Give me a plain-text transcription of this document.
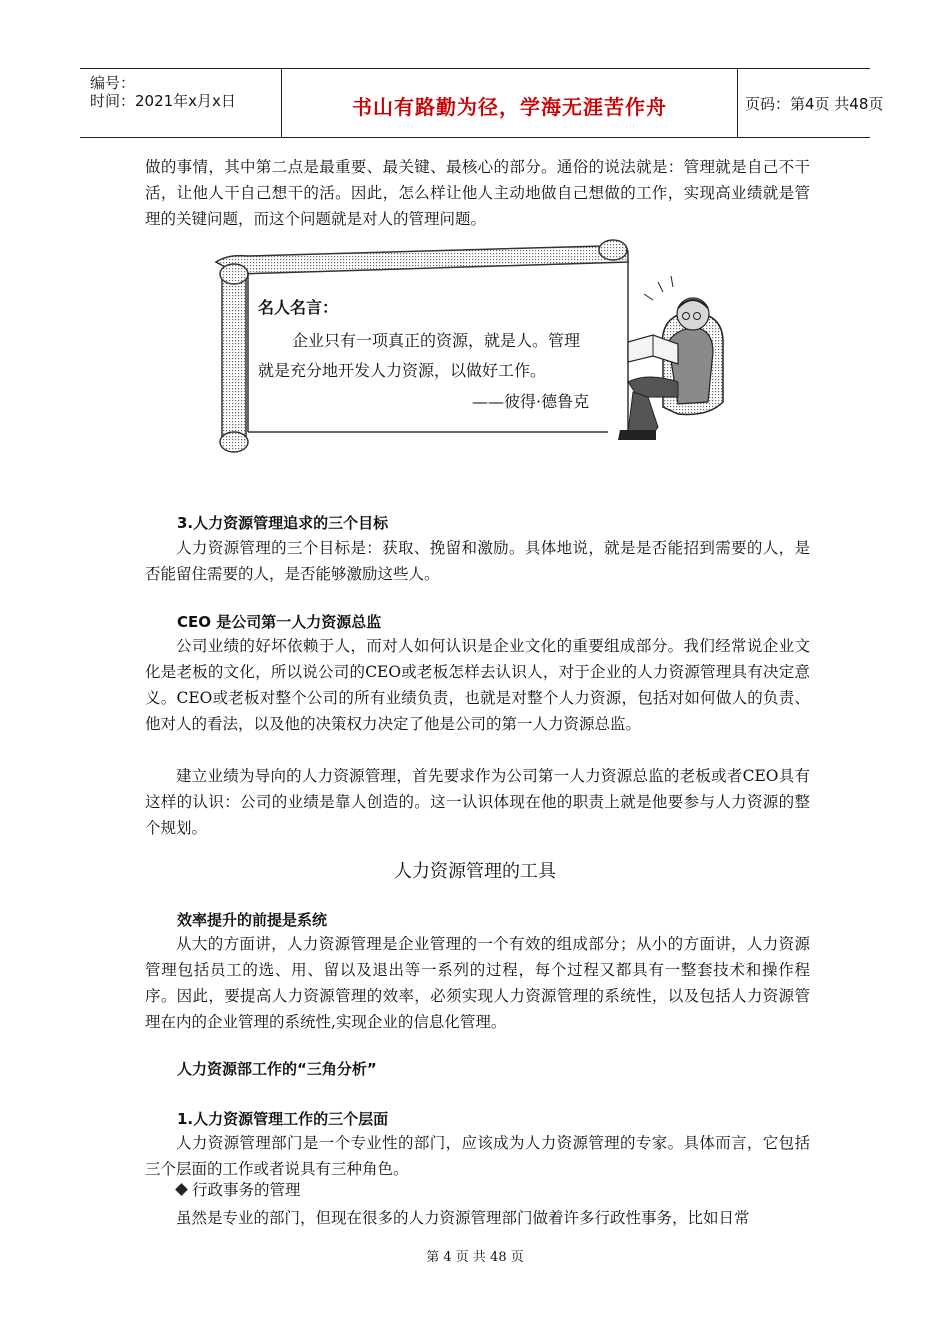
编号：
时间：2021年x月x日	书山有路勤为径，学海无涯苦作舟	页码：第4页 共48页

做的事情，其中第二点是最重要、最关键、最核心的部分。通俗的说法就是：管理就是自己不干活，让他人干自己想干的活。因此，怎么样让他人主动地做自己想做的工作，实现高业绩就是管理的关键问题，而这个问题就是对人的管理问题。

名人名言：
企业只有一项真正的资源，就是人。管理
就是充分地开发人力资源，以做好工作。
——彼得·德鲁克
3.人力资源管理追求的三个目标

人力资源管理的三个目标是：获取、挽留和激励。具体地说，就是是否能招到需要的人，是否能留住需要的人，是否能够激励这些人。

CEO 是公司第一人力资源总监

公司业绩的好坏依赖于人，而对人如何认识是企业文化的重要组成部分。我们经常说企业文化是老板的文化，所以说公司的CEO或老板怎样去认识人，对于企业的人力资源管理具有决定意义。CEO或老板对整个公司的所有业绩负责，也就是对整个人力资源，包括对如何做人的负责、他对人的看法，以及他的决策权力决定了他是公司的第一人力资源总监。

建立业绩为导向的人力资源管理，首先要求作为公司第一人力资源总监的老板或者CEO具有这样的认识：公司的业绩是靠人创造的。这一认识体现在他的职责上就是他要参与人力资源的整个规划。

人力资源管理的工具
效率提升的前提是系统

从大的方面讲，人力资源管理是企业管理的一个有效的组成部分；从小的方面讲，人力资源管理包括员工的选、用、留以及退出等一系列的过程，每个过程又都具有一整套技术和操作程序。因此，要提高人力资源管理的效率，必须实现人力资源管理的系统性，以及包括人力资源管理在内的企业管理的系统性,实现企业的信息化管理。

人力资源部工作的“三角分析”
1.人力资源管理工作的三个层面

人力资源管理部门是一个专业性的部门，应该成为人力资源管理的专家。具体而言，它包括三个层面的工作或者说具有三种角色。

行政事务的管理

虽然是专业的部门，但现在很多的人力资源管理部门做着许多行政性事务，比如日常

第 4 页 共 48 页
